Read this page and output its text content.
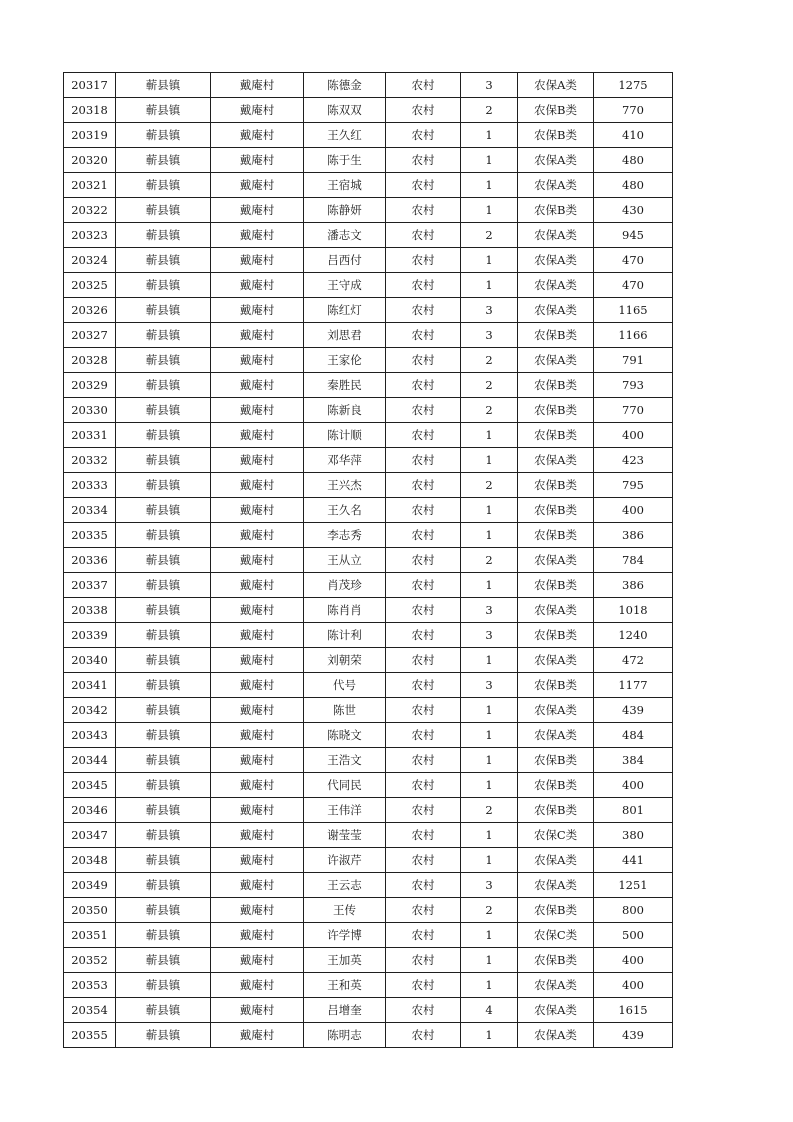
20317	蕲县镇	戴庵村	陈德金	农村	3	农保A类	1275
20318	蕲县镇	戴庵村	陈双双	农村	2	农保B类	770
20319	蕲县镇	戴庵村	王久红	农村	1	农保B类	410
20320	蕲县镇	戴庵村	陈于生	农村	1	农保A类	480
20321	蕲县镇	戴庵村	王宿城	农村	1	农保A类	480
20322	蕲县镇	戴庵村	陈静妍	农村	1	农保B类	430
20323	蕲县镇	戴庵村	潘志文	农村	2	农保A类	945
20324	蕲县镇	戴庵村	吕西付	农村	1	农保A类	470
20325	蕲县镇	戴庵村	王守成	农村	1	农保A类	470
20326	蕲县镇	戴庵村	陈红灯	农村	3	农保A类	1165
20327	蕲县镇	戴庵村	刘思君	农村	3	农保B类	1166
20328	蕲县镇	戴庵村	王家伦	农村	2	农保A类	791
20329	蕲县镇	戴庵村	秦胜民	农村	2	农保B类	793
20330	蕲县镇	戴庵村	陈新良	农村	2	农保B类	770
20331	蕲县镇	戴庵村	陈计顺	农村	1	农保B类	400
20332	蕲县镇	戴庵村	邓华萍	农村	1	农保A类	423
20333	蕲县镇	戴庵村	王兴杰	农村	2	农保B类	795
20334	蕲县镇	戴庵村	王久名	农村	1	农保B类	400
20335	蕲县镇	戴庵村	李志秀	农村	1	农保B类	386
20336	蕲县镇	戴庵村	王从立	农村	2	农保A类	784
20337	蕲县镇	戴庵村	肖茂珍	农村	1	农保B类	386
20338	蕲县镇	戴庵村	陈肖肖	农村	3	农保A类	1018
20339	蕲县镇	戴庵村	陈计利	农村	3	农保B类	1240
20340	蕲县镇	戴庵村	刘朝荣	农村	1	农保A类	472
20341	蕲县镇	戴庵村	代号	农村	3	农保B类	1177
20342	蕲县镇	戴庵村	陈世	农村	1	农保A类	439
20343	蕲县镇	戴庵村	陈晓文	农村	1	农保A类	484
20344	蕲县镇	戴庵村	王浩文	农村	1	农保B类	384
20345	蕲县镇	戴庵村	代同民	农村	1	农保B类	400
20346	蕲县镇	戴庵村	王伟洋	农村	2	农保B类	801
20347	蕲县镇	戴庵村	谢莹莹	农村	1	农保C类	380
20348	蕲县镇	戴庵村	许淑芹	农村	1	农保A类	441
20349	蕲县镇	戴庵村	王云志	农村	3	农保A类	1251
20350	蕲县镇	戴庵村	王传	农村	2	农保B类	800
20351	蕲县镇	戴庵村	许学博	农村	1	农保C类	500
20352	蕲县镇	戴庵村	王加英	农村	1	农保B类	400
20353	蕲县镇	戴庵村	王和英	农村	1	农保A类	400
20354	蕲县镇	戴庵村	吕增奎	农村	4	农保A类	1615
20355	蕲县镇	戴庵村	陈明志	农村	1	农保A类	439
